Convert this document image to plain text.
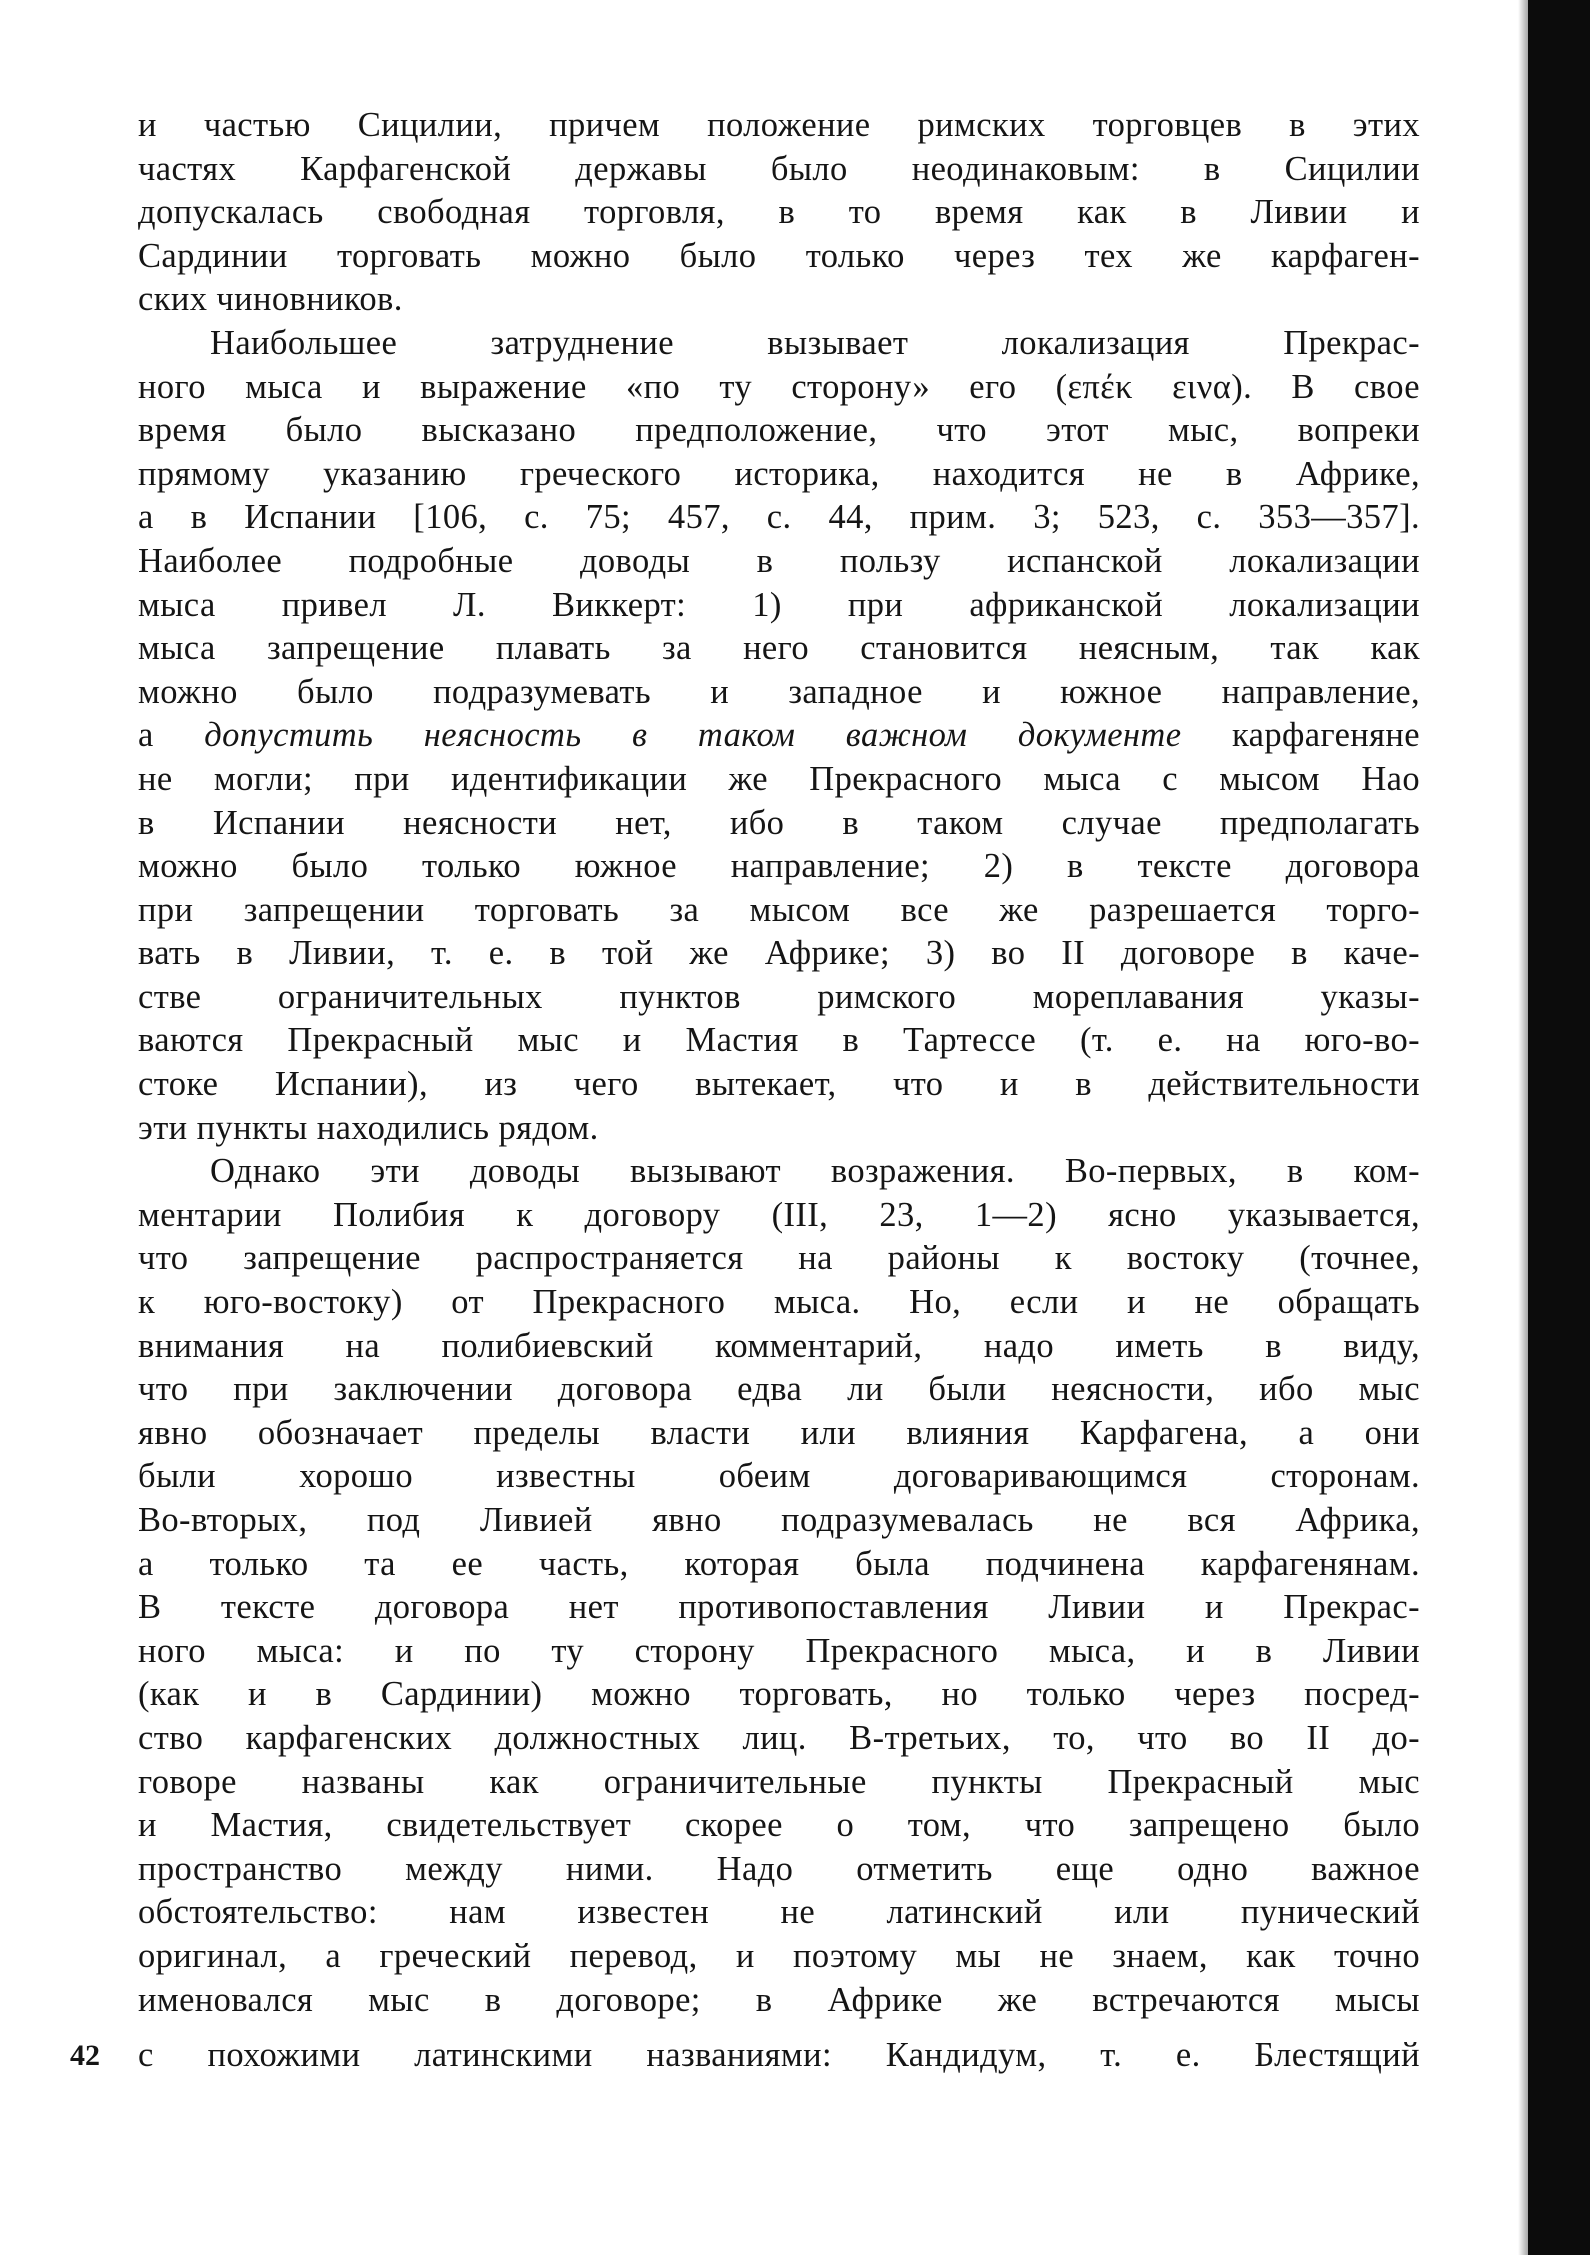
и частью Сицилии, причем положение римских торговцев в этих
частях Карфагенской державы было неодинаковым: в Сицилии
допускалась свободная торговля, в то время как в Ливии и
Сардинии торговать можно было только через тех же карфаген-
ских чиновников.

Наибольшее затруднение вызывает локализация Прекрас-
ного мыса и выражение «по ту сторону» его (επέκ εινα). В свое
время было высказано предположение, что этот мыс, вопреки
прямому указанию греческого историка, находится не в Африке,
а в Испании [106, с. 75; 457, с. 44, прим. 3; 523, с. 353—357].
Наиболее подробные доводы в пользу испанской локализации
мыса привел Л. Виккерт: 1) при африканской локализации
мыса запрещение плавать за него становится неясным, так как
можно было подразумевать и западное и южное направление,
а допустить неясность в таком важном документе карфагеняне
не могли; при идентификации же Прекрасного мыса с мысом Нао
в Испании неясности нет, ибо в таком случае предполагать
можно было только южное направление; 2) в тексте договора
при запрещении торговать за мысом все же разрешается торго-
вать в Ливии, т. е. в той же Африке; 3) во II договоре в каче-
стве ограничительных пунктов римского мореплавания указы-
ваются Прекрасный мыс и Мастия в Тартессе (т. е. на юго-во-
стоке Испании), из чего вытекает, что и в действительности
эти пункты находились рядом.

Однако эти доводы вызывают возражения. Во-первых, в ком-
ментарии Полибия к договору (III, 23, 1—2) ясно указывается,
что запрещение распространяется на районы к востоку (точнее,
к юго-востоку) от Прекрасного мыса. Но, если и не обращать
внимания на полибиевский комментарий, надо иметь в виду,
что при заключении договора едва ли были неясности, ибо мыс
явно обозначает пределы власти или влияния Карфагена, а они
были хорошо известны обеим договаривающимся сторонам.
Во-вторых, под Ливией явно подразумевалась не вся Африка,
а только та ее часть, которая была подчинена карфагенянам.
В тексте договора нет противопоставления Ливии и Прекрас-
ного мыса: и по ту сторону Прекрасного мыса, и в Ливии
(как и в Сардинии) можно торговать, но только через посред-
ство карфагенских должностных лиц. В-третьих, то, что во II до-
говоре названы как ограничительные пункты Прекрасный мыс
и Мастия, свидетельствует скорее о том, что запрещено было
пространство между ними. Надо отметить еще одно важное
обстоятельство: нам известен не латинский или пунический
оригинал, а греческий перевод, и поэтому мы не знаем, как точно
именовался мыс в договоре; в Африке же встречаются мысы

42 с похожими латинскими названиями: Кандидум, т. е. Блестящий
